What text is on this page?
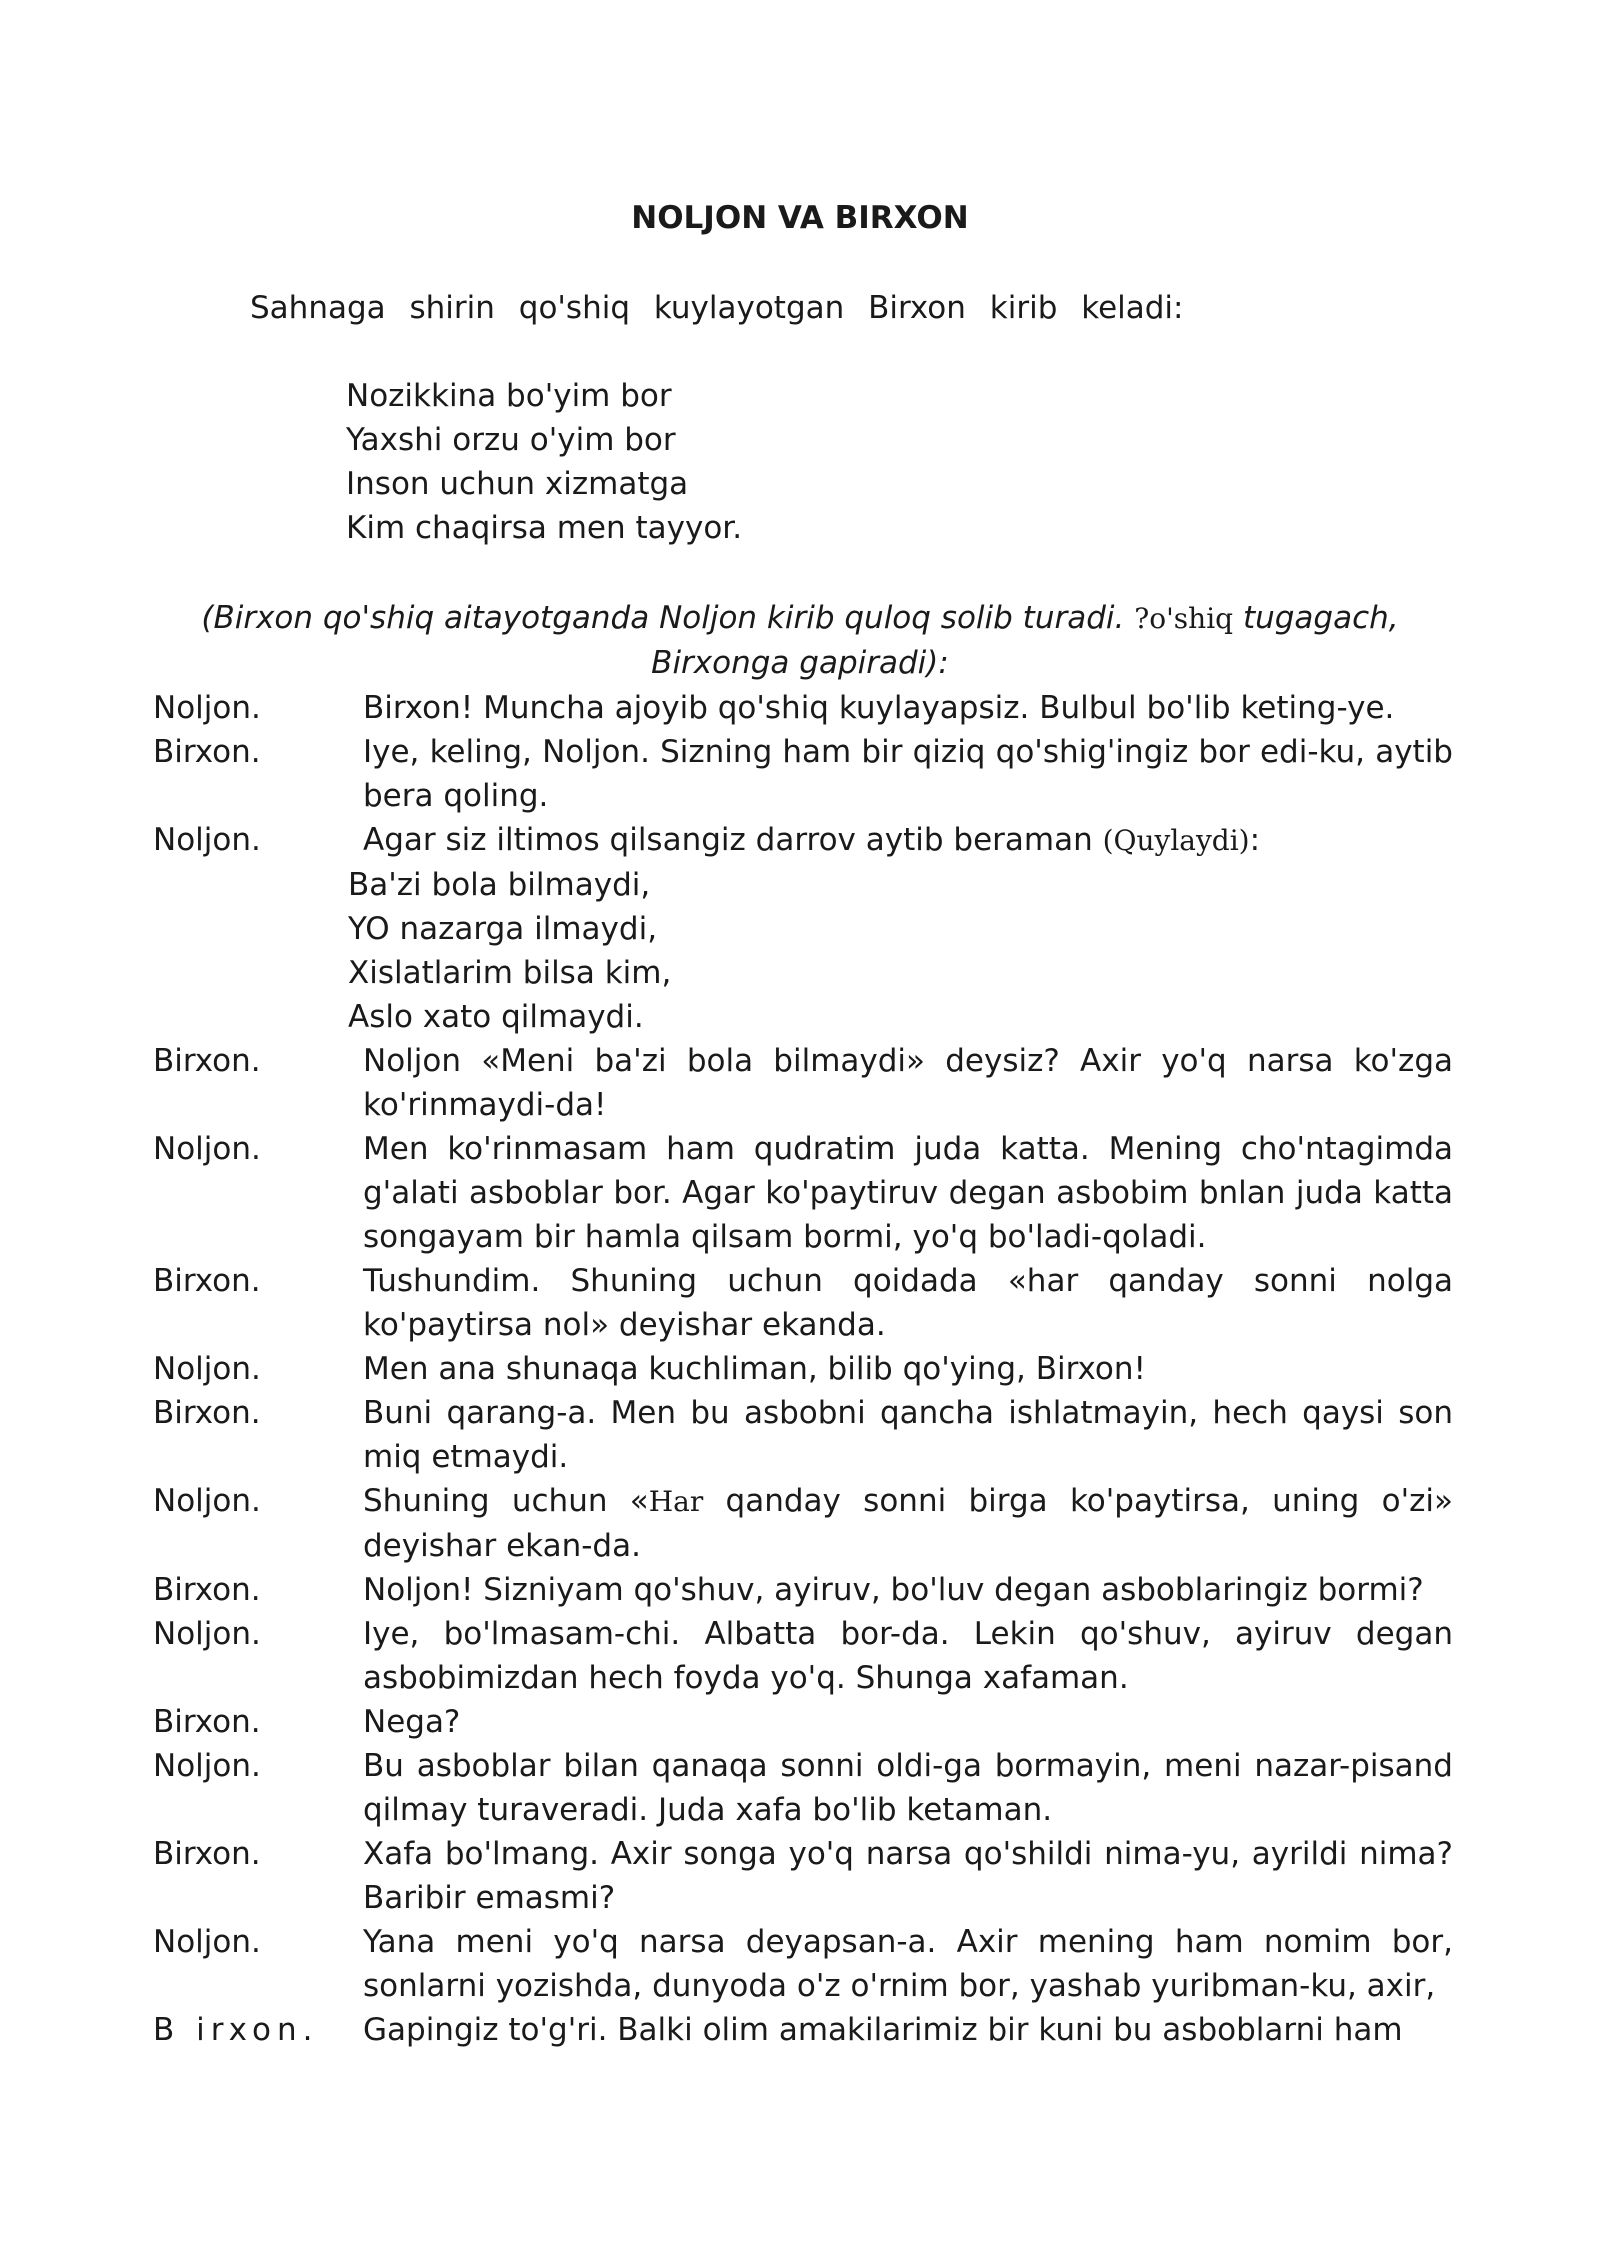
NOLJON VA BIRXON
Sahnaga shirin qo'shiq kuylayotgan Birxon kirib keladi:
Nozikkina bo'yim bor
Yaxshi orzu o'yim bor
Inson uchun xizmatga
Kim chaqirsa men tayyor.
(Birxon qo'shiq aitayotganda Noljon kirib quloq solib turadi. ?o'shiq tugagach, Birxonga gapiradi):
Noljon.	Birxon! Muncha ajoyib qo'shiq kuylayapsiz. Bulbul bo'lib keting-ye.
Birxon.	Iye, keling, Noljon. Sizning ham bir qiziq qo'shig'ingiz bor edi-ku, aytib bera qoling.
Noljon.	Agar siz iltimos qilsangiz darrov aytib beraman (Quylaydi):
Ba'zi bola bilmaydi,
YO nazarga ilmaydi,
Xislatlarim bilsa kim,
Aslo xato qilmaydi.
Birxon.	Noljon «Meni ba'zi bola bilmaydi» deysiz? Axir yo'q narsa ko'zga ko'rinmaydi-da!
Noljon.	Men ko'rinmasam ham qudratim juda katta. Mening cho'ntagimda g'alati asboblar bor. Agar ko'paytiruv degan asbobim bnlan juda katta songayam bir hamla qilsam bormi, yo'q bo'ladi-qoladi.
Birxon.	Tushundim. Shuning uchun qoidada «har qanday sonni nolga ko'paytirsa nol» deyishar ekanda.
Noljon.	Men ana shunaqa kuchliman, bilib qo'ying, Birxon!
Birxon.	Buni qarang-a. Men bu asbobni qancha ishlatmayin, hech qaysi son miq etmaydi.
Noljon.	Shuning uchun «Har qanday sonni birga ko'paytirsa, uning o'zi» deyishar ekan-da.
Birxon.	Noljon! Sizniyam qo'shuv, ayiruv, bo'luv degan asboblaringiz bormi?
Noljon.	Iye, bo'lmasam-chi. Albatta bor-da. Lekin qo'shuv, ayiruv degan asbobimizdan hech foyda yo'q. Shunga xafaman.
Birxon.	Nega?
Noljon.	Bu asboblar bilan qanaqa sonni oldi-ga bormayin, meni nazar-pisand qilmay turaveradi. Juda xafa bo'lib ketaman.
Birxon.	Xafa bo'lmang. Axir songa yo'q narsa qo'shildi nima-yu, ayrildi nima? Baribir emasmi?
Noljon.	Yana meni yo'q narsa deyapsan-a. Axir mening ham nomim bor, sonlarni yozishda, dunyoda o'z o'rnim bor, yashab yuribman-ku, axir,
B irxon.	Gapingiz to'g'ri. Balki olim amakilarimiz bir kuni bu asboblarni ham
